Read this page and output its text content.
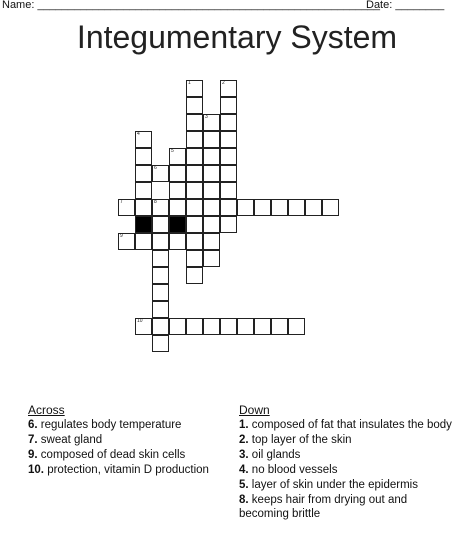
Name: ________________________________________________________
Date: ________
Integumentary System
1	2
3
4
5
6
7	8
9
10
Across
6. regulates body temperature
7. sweat gland
9. composed of dead skin cells
10. protection, vitamin D production
Down
1. composed of fat that insulates the body
2. top layer of the skin
3. oil glands
4. no blood vessels
5. layer of skin under the epidermis
8. keeps hair from drying out and becoming brittle
